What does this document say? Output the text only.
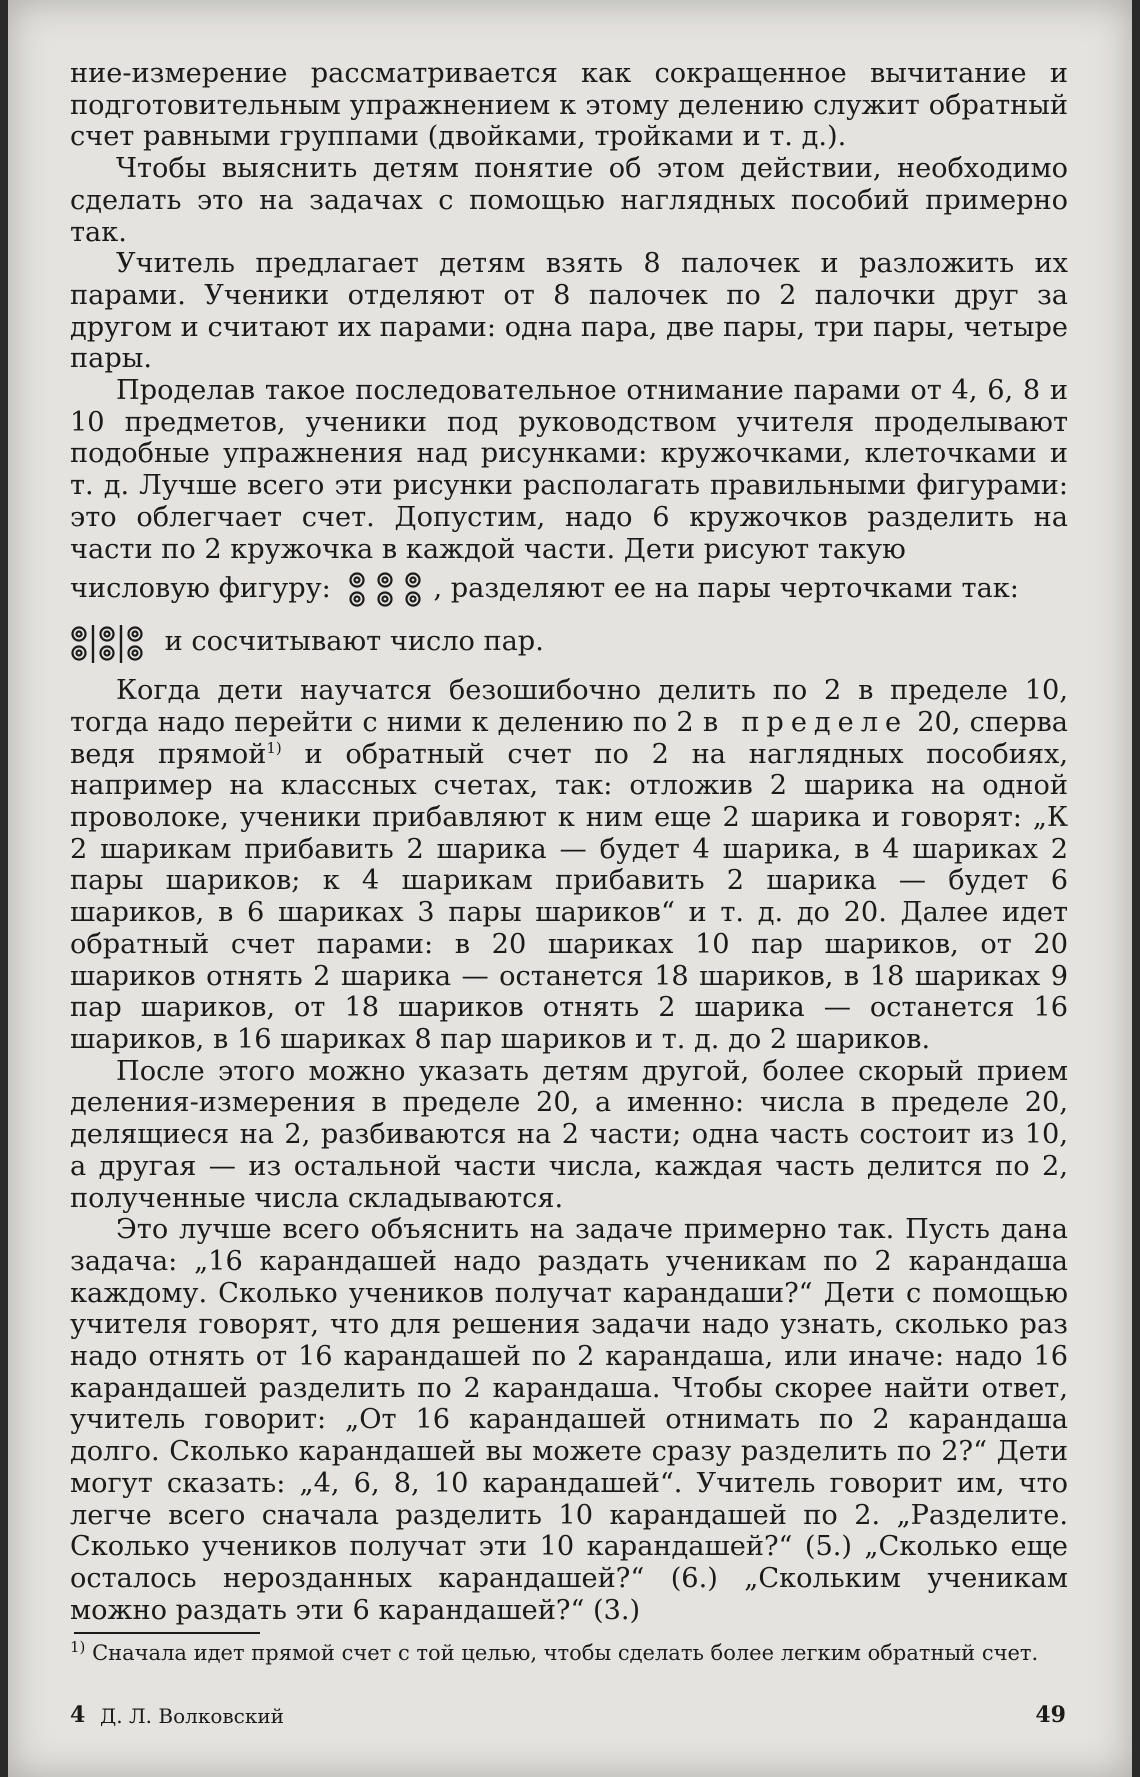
ние-измерение рассматривается как сокращенное вычитание и подготовительным упражнением к этому делению служит обратный счет равными группами (двойками, тройками и т. д.).

Чтобы выяснить детям понятие об этом действии, необходимо сделать это на задачах с помощью наглядных пособий примерно так.

Учитель предлагает детям взять 8 палочек и разложить их парами. Ученики отделяют от 8 палочек по 2 палочки друг за другом и считают их парами: одна пара, две пары, три пары, четыре пары.

Проделав такое последовательное отнимание парами от 4, 6, 8 и 10 предметов, ученики под руководством учителя проделывают подобные упражнения над рисунками: кружочками, клеточками и т. д. Лучше всего эти рисунки располагать правильными фигурами: это облегчает счет. Допустим, надо 6 кружочков разделить на части по 2 кружочка в каждой части. Дети рисуют такую

числовую фигуру:	, разделяют ее на пары черточками так:
и сосчитывают число пар.

Когда дети научатся безошибочно делить по 2 в пределе 10, тогда надо перейти с ними к делению по 2 в пределе 20, сперва ведя прямой$^{1)}$ и обратный счет по 2 на наглядных пособиях, например на классных счетах, так: отложив 2 шарика на одной проволоке, ученики прибавляют к ним еще 2 шарика и говорят: „К 2 шарикам прибавить 2 шарика — будет 4 шарика, в 4 шариках 2 пары шариков; к 4 шарикам прибавить 2 шарика — будет 6 шариков, в 6 шариках 3 пары шариков“ и т. д. до 20. Далее идет обратный счет парами: в 20 шариках 10 пар шариков, от 20 шариков отнять 2 шарика — останется 18 шариков, в 18 шариках 9 пар шариков, от 18 шариков отнять 2 шарика — останется 16 шариков, в 16 шариках 8 пар шариков и т. д. до 2 шариков.

После этого можно указать детям другой, более скорый прием деления-измерения в пределе 20, а именно: числа в пределе 20, делящиеся на 2, разбиваются на 2 части; одна часть состоит из 10, а другая — из остальной части числа, каждая часть делится по 2, полученные числа складываются.

Это лучше всего объяснить на задаче примерно так. Пусть дана задача: „16 карандашей надо раздать ученикам по 2 карандаша каждому. Сколько учеников получат карандаши?“ Дети с помощью учителя говорят, что для решения задачи надо узнать, сколько раз надо отнять от 16 карандашей по 2 карандаша, или иначе: надо 16 карандашей разделить по 2 карандаша. Чтобы скорее найти ответ, учитель говорит: „От 16 карандашей отнимать по 2 карандаша долго. Сколько карандашей вы можете сразу разделить по 2?“ Дети могут сказать: „4, 6, 8, 10 карандашей“. Учитель говорит им, что легче всего сначала разделить 10 карандашей по 2. „Разделите. Сколько учеников получат эти 10 карандашей?“ (5.) „Сколько еще осталось нерозданных карандашей?“ (6.) „Скольким ученикам можно раздать эти 6 карандашей?“ (3.)

$^{1)}$ Сначала идет прямой счет с той целью, чтобы сделать более легким обратный счет.
4 Д. Л. Волковский	49
